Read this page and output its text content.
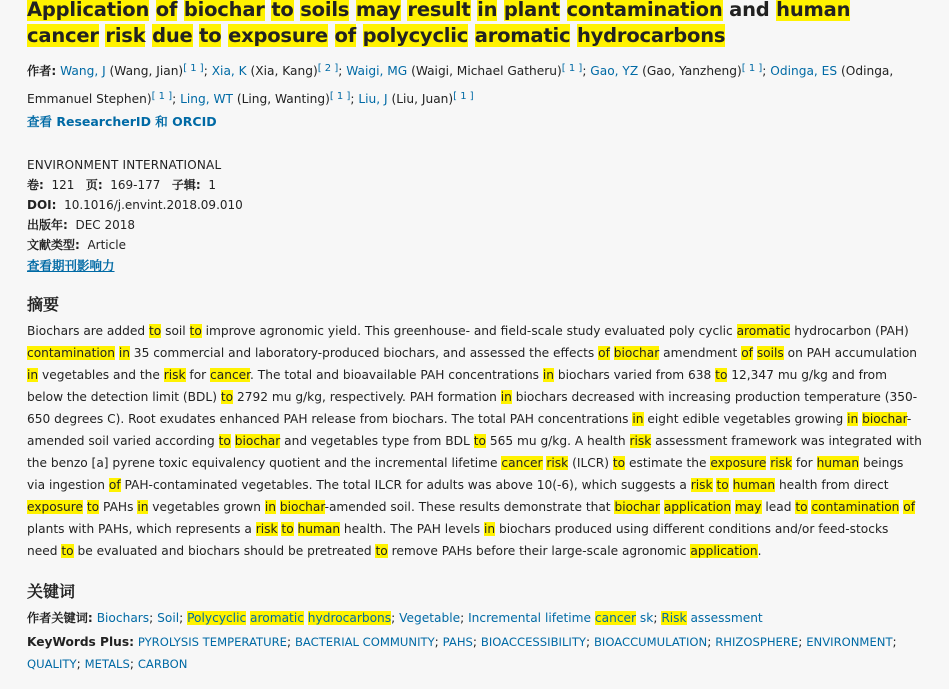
Application of biochar to soils may result in plant contamination and human cancer risk due to exposure of polycyclic aromatic hydrocarbons
作者: Wang, J (Wang, Jian)[ 1 ]; Xia, K (Xia, Kang)[ 2 ]; Waigi, MG (Waigi, Michael Gatheru)[ 1 ]; Gao, YZ (Gao, Yanzheng)[ 1 ]; Odinga, ES (Odinga, Emmanuel Stephen)[ 1 ]; Ling, WT (Ling, Wanting)[ 1 ]; Liu, J (Liu, Juan)[ 1 ]
查看 ResearcherID 和 ORCID
ENVIRONMENT INTERNATIONAL
卷: 121 页: 169-177 子辑: 1
DOI: 10.1016/j.envint.2018.09.010
出版年: DEC 2018
文献类型: Article
查看期刊影响力
摘要

Biochars are added to soil to improve agronomic yield. This greenhouse- and field-scale study evaluated poly cyclic aromatic hydrocarbon (PAH) contamination in 35 commercial and laboratory-produced biochars, and assessed the effects of biochar amendment of soils on PAH accumulation in vegetables and the risk for cancer. The total and bioavailable PAH concentrations in biochars varied from 638 to 12,347 mu g/kg and from below the detection limit (BDL) to 2792 mu g/kg, respectively. PAH formation in biochars decreased with increasing production temperature (350-650 degrees C). Root exudates enhanced PAH release from biochars. The total PAH concentrations in eight edible vegetables growing in biochar-amended soil varied according to biochar and vegetables type from BDL to 565 mu g/kg. A health risk assessment framework was integrated with the benzo [a] pyrene toxic equivalency quotient and the incremental lifetime cancer risk (ILCR) to estimate the exposure risk for human beings via ingestion of PAH-contaminated vegetables. The total ILCR for adults was above 10(-6), which suggests a risk to human health from direct exposure to PAHs in vegetables grown in biochar-amended soil. These results demonstrate that biochar application may lead to contamination of plants with PAHs, which represents a risk to human health. The PAH levels in biochars produced using different conditions and/or feed-stocks need to be evaluated and biochars should be pretreated to remove PAHs before their large-scale agronomic application.

关键词

作者关键词: Biochars; Soil; Polycyclic aromatic hydrocarbons; Vegetable; Incremental lifetime cancer sk; Risk assessment

KeyWords Plus: PYROLYSIS TEMPERATURE; BACTERIAL COMMUNITY; PAHS; BIOACCESSIBILITY; BIOACCUMULATION; RHIZOSPHERE; ENVIRONMENT; QUALITY; METALS; CARBON
